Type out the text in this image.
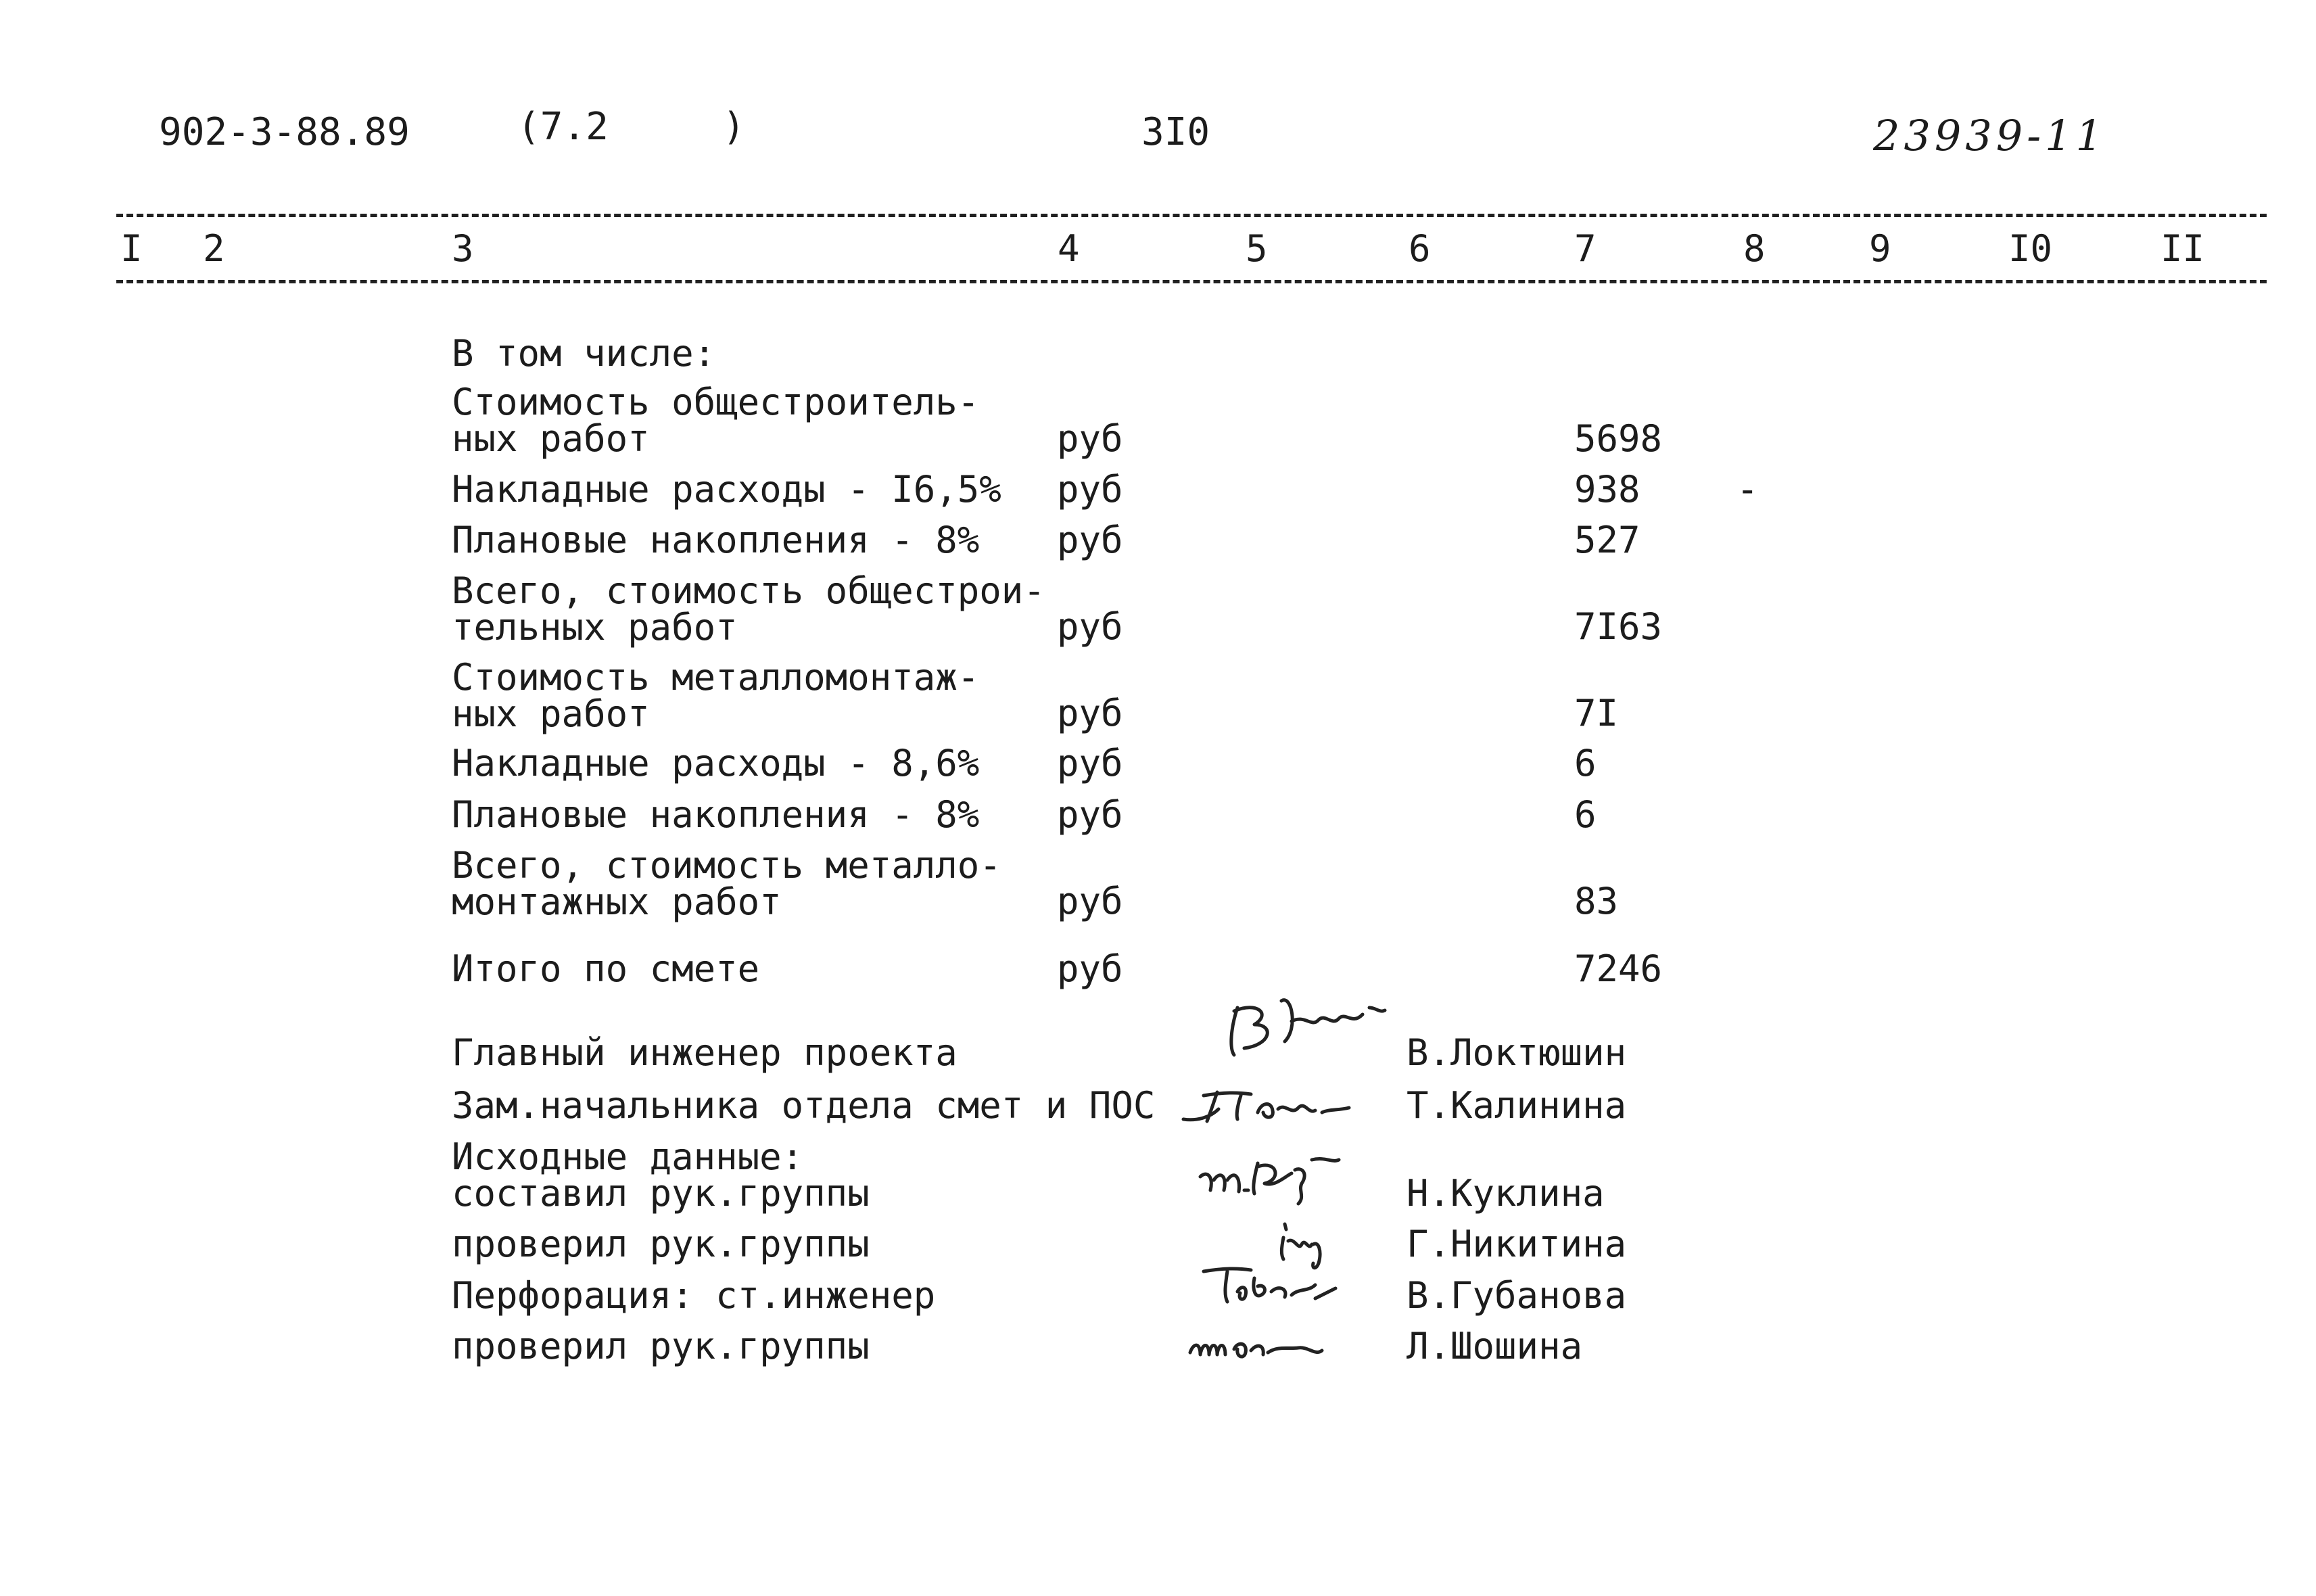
902-3-88.89	(7.2     )	3I0	23939-11
I 2	3	4	5	6	7	8	9	I0	II
В том числе:
Стоимость общестроитель-
ных работ	руб	5698
Накладные расходы - I6,5% руб	938	-
Плановые накопления - 8% руб	527
Всего, стоимость общестрои-
тельных работ	руб	7I63
Стоимость металломонтаж-
ных работ	руб	7I
Накладные расходы - 8,6% руб	6
Плановые накопления - 8% руб	6
Всего, стоимость металло-
монтажных работ	руб	83
Итого по смете	руб	7246
Главный инженер проекта	В.Локтюшин
Зам.начальника отдела смет и ПОС	Т.Калинина
Исходные данные:
составил рук.группы	Н.Куклина
проверил рук.группы	Г.Никитина
Перфорация: ст.инженер	В.Губанова
проверил рук.группы	Л.Шошина
